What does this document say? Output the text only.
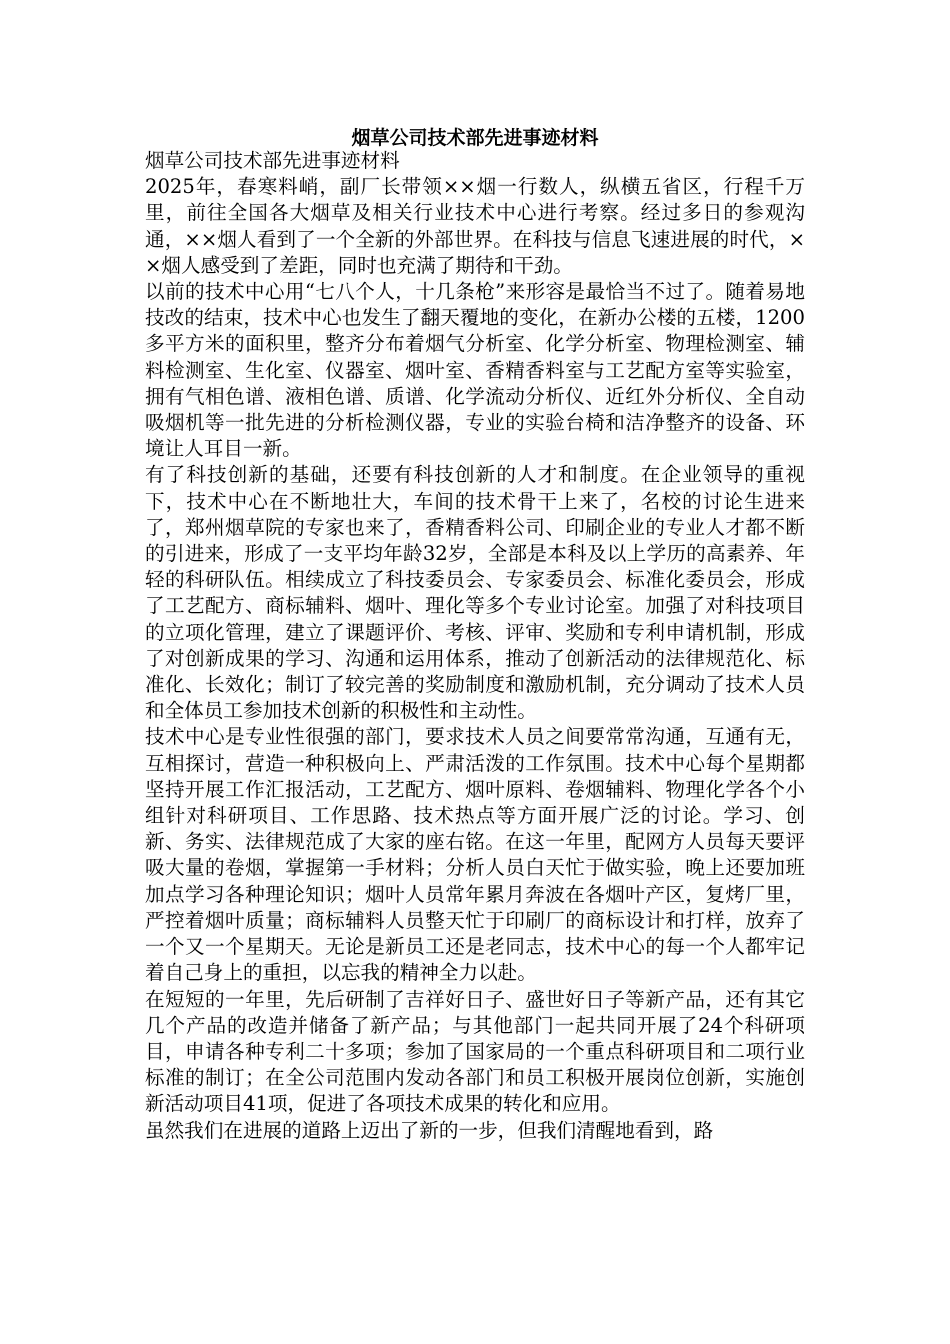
烟草公司技术部先进事迹材料

烟草公司技术部先进事迹材料

2025年，春寒料峭，副厂长带领××烟一行数人，纵横五省区，行程千万里，前往全国各大烟草及相关行业技术中心进行考察。经过多日的参观沟通，××烟人看到了一个全新的外部世界。在科技与信息飞速进展的时代，××烟人感受到了差距，同时也充满了期待和干劲。

以前的技术中心用“七八个人，十几条枪”来形容是最恰当不过了。随着易地技改的结束，技术中心也发生了翻天覆地的变化，在新办公楼的五楼，1200多平方米的面积里，整齐分布着烟气分析室、化学分析室、物理检测室、辅料检测室、生化室、仪器室、烟叶室、香精香料室与工艺配方室等实验室，拥有气相色谱、液相色谱、质谱、化学流动分析仪、近红外分析仪、全自动吸烟机等一批先进的分析检测仪器，专业的实验台椅和洁净整齐的设备、环境让人耳目一新。

有了科技创新的基础，还要有科技创新的人才和制度。在企业领导的重视下，技术中心在不断地壮大，车间的技术骨干上来了，名校的讨论生进来了，郑州烟草院的专家也来了，香精香料公司、印刷企业的专业人才都不断的引进来，形成了一支平均年龄32岁，全部是本科及以上学历的高素养、年轻的科研队伍。相续成立了科技委员会、专家委员会、标准化委员会，形成了工艺配方、商标辅料、烟叶、理化等多个专业讨论室。加强了对科技项目的立项化管理，建立了课题评价、考核、评审、奖励和专利申请机制，形成了对创新成果的学习、沟通和运用体系，推动了创新活动的法律规范化、标准化、长效化；制订了较完善的奖励制度和激励机制，充分调动了技术人员和全体员工参加技术创新的积极性和主动性。

技术中心是专业性很强的部门，要求技术人员之间要常常沟通，互通有无，互相探讨，营造一种积极向上、严肃活泼的工作氛围。技术中心每个星期都坚持开展工作汇报活动，工艺配方、烟叶原料、卷烟辅料、物理化学各个小组针对科研项目、工作思路、技术热点等方面开展广泛的讨论。学习、创新、务实、法律规范成了大家的座右铭。在这一年里，配网方人员每天要评吸大量的卷烟，掌握第一手材料；分析人员白天忙于做实验，晚上还要加班加点学习各种理论知识；烟叶人员常年累月奔波在各烟叶产区，复烤厂里，严控着烟叶质量；商标辅料人员整天忙于印刷厂的商标设计和打样，放弃了一个又一个星期天。无论是新员工还是老同志，技术中心的每一个人都牢记着自己身上的重担，以忘我的精神全力以赴。

在短短的一年里，先后研制了吉祥好日子、盛世好日子等新产品，还有其它几个产品的改造并储备了新产品；与其他部门一起共同开展了24个科研项目，申请各种专利二十多项；参加了国家局的一个重点科研项目和二项行业标准的制订；在全公司范围内发动各部门和员工积极开展岗位创新，实施创新活动项目41项，促进了各项技术成果的转化和应用。

虽然我们在进展的道路上迈出了新的一步，但我们清醒地看到，路
